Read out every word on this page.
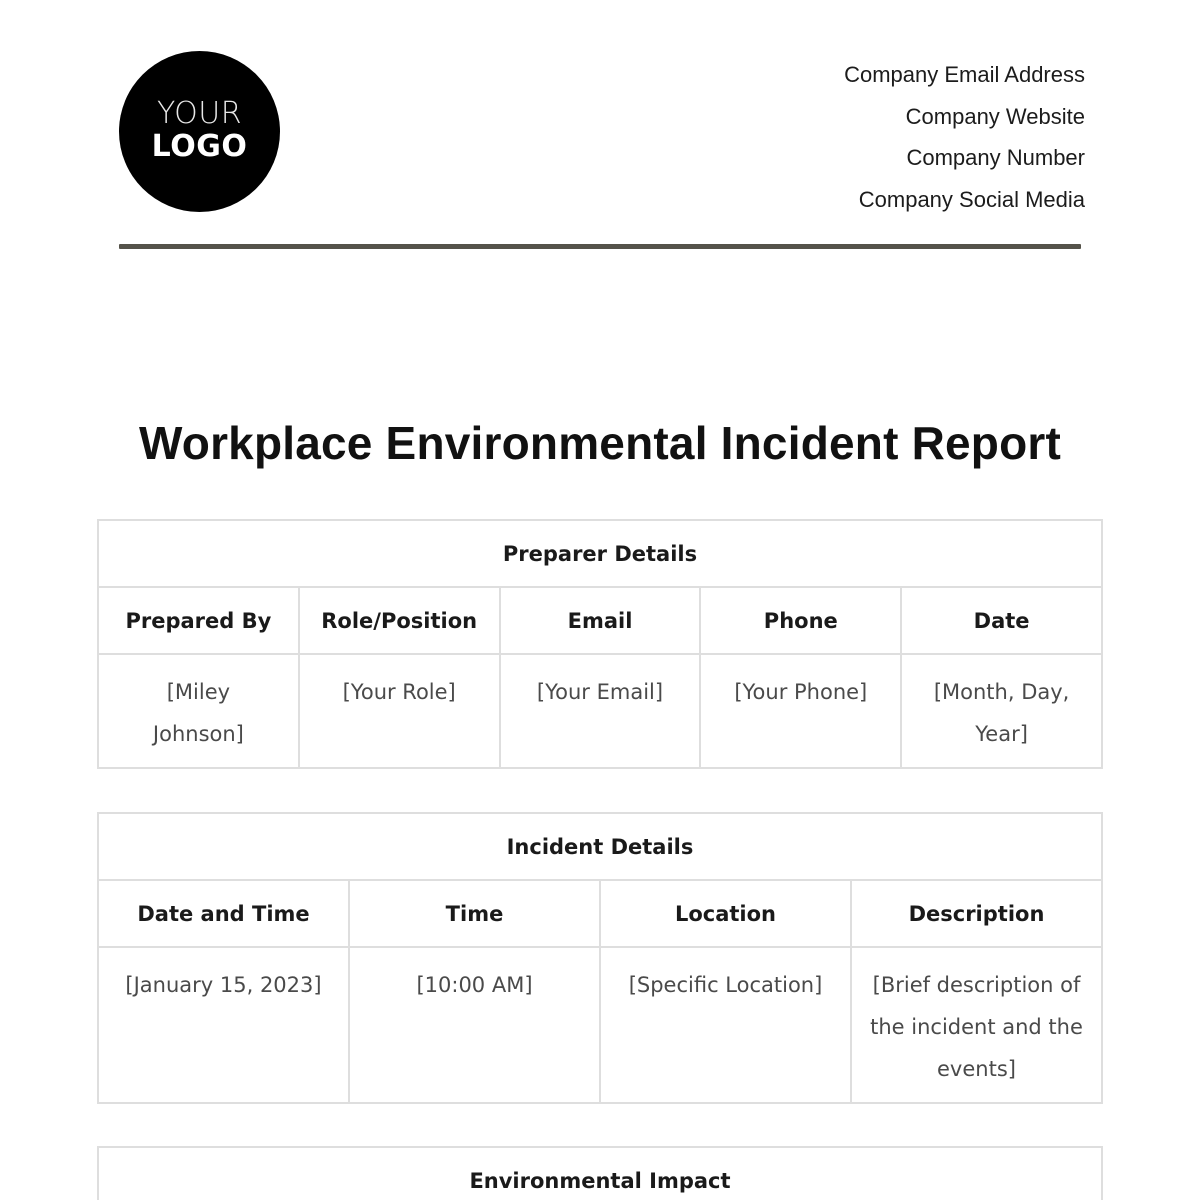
YOUR
LOGO
Company Email Address
Company Website
Company Number
Company Social Media
Workplace Environmental Incident Report
Preparer Details				
Prepared By	Role/Position	Email	Phone	Date
[Miley Johnson]	[Your Role]	[Your Email]	[Your Phone]	[Month, Day, Year]
Incident Details			
Date and Time	Time	Location	Description
[January 15, 2023]	[10:00 AM]	[Specific Location]	[Brief description of the incident and the events]
Environmental Impact
